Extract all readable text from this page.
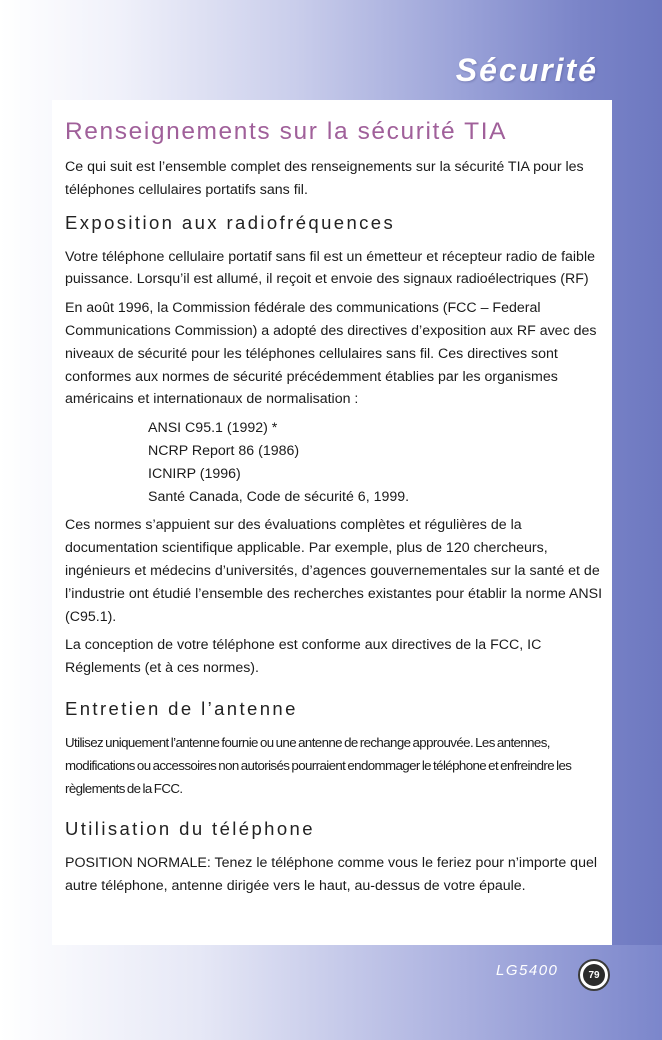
Sécurité
Renseignements sur la sécurité TIA

Ce qui suit est l’ensemble complet des renseignements sur la sécurité TIA pour les téléphones cellulaires portatifs sans fil.

Exposition aux radiofréquences

Votre téléphone cellulaire portatif sans fil est un émetteur et récepteur radio de faible puissance. Lorsqu’il est allumé, il reçoit et envoie des signaux radioélectriques (RF)

En août 1996, la Commission fédérale des communications (FCC – Federal Communications Commission) a adopté des directives d’exposition aux RF avec des niveaux de sécurité pour les téléphones cellulaires sans fil. Ces directives sont conformes aux normes de sécurité précédemment établies par les organismes américains et internationaux de normalisation :

ANSI C95.1 (1992) *
NCRP Report 86 (1986)
ICNIRP (1996)
Santé Canada, Code de sécurité 6, 1999.

Ces normes s’appuient sur des évaluations complètes et régulières de la documentation scientifique applicable. Par exemple, plus de 120 chercheurs, ingénieurs et médecins d’universités, d’agences gouvernementales sur la santé et de l’industrie ont étudié l’ensemble des recherches existantes pour établir la norme ANSI (C95.1).

La conception de votre téléphone est conforme aux directives de la FCC, IC Réglements (et à ces normes).

Entretien de l’antenne

Utilisez uniquement l’antenne fournie ou une antenne de rechange approuvée. Les antennes, modifications ou accessoires non autorisés pourraient endommager le téléphone et enfreindre les règlements de la FCC.

Utilisation du téléphone

POSITION NORMALE: Tenez le téléphone comme vous le feriez pour n’importe quel autre téléphone, antenne dirigée vers le haut, au-dessus de votre épaule.

LG5400	79
